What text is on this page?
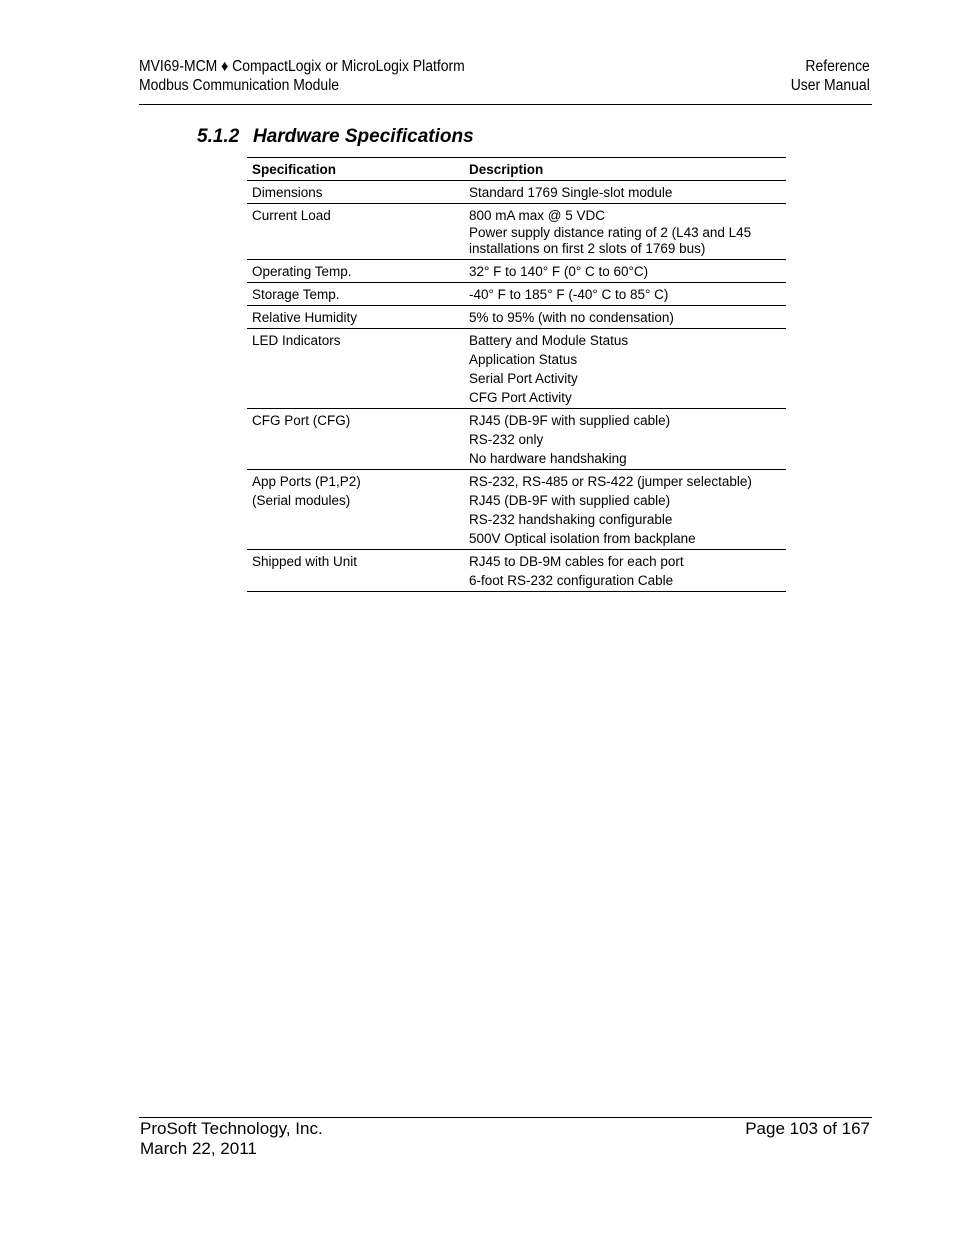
MVI69-MCM ♦ CompactLogix or MicroLogix Platform
Modbus Communication Module
Reference
User Manual
5.1.2 Hardware Specifications
Specification	Description

Dimensions	Standard 1769 Single-slot module

Current Load	800 mA max @ 5 VDC
Power supply distance rating of 2 (L43 and L45 installations on first 2 slots of 1769 bus)

Operating Temp.	32° F to 140° F (0° C to 60°C)

Storage Temp.	-40° F to 185° F (-40° C to 85° C)

Relative Humidity	5% to 95% (with no condensation)

LED Indicators	Battery and Module Status
Application Status
Serial Port Activity
CFG Port Activity

CFG Port (CFG)	RJ45 (DB-9F with supplied cable)
RS-232 only
No hardware handshaking

App Ports (P1,P2)
(Serial modules)	RS-232, RS-485 or RS-422 (jumper selectable)
RJ45 (DB-9F with supplied cable)
RS-232 handshaking configurable
500V Optical isolation from backplane

Shipped with Unit	RJ45 to DB-9M cables for each port
6-foot RS-232 configuration Cable
ProSoft Technology, Inc.
March 22, 2011
Page 103 of 167
